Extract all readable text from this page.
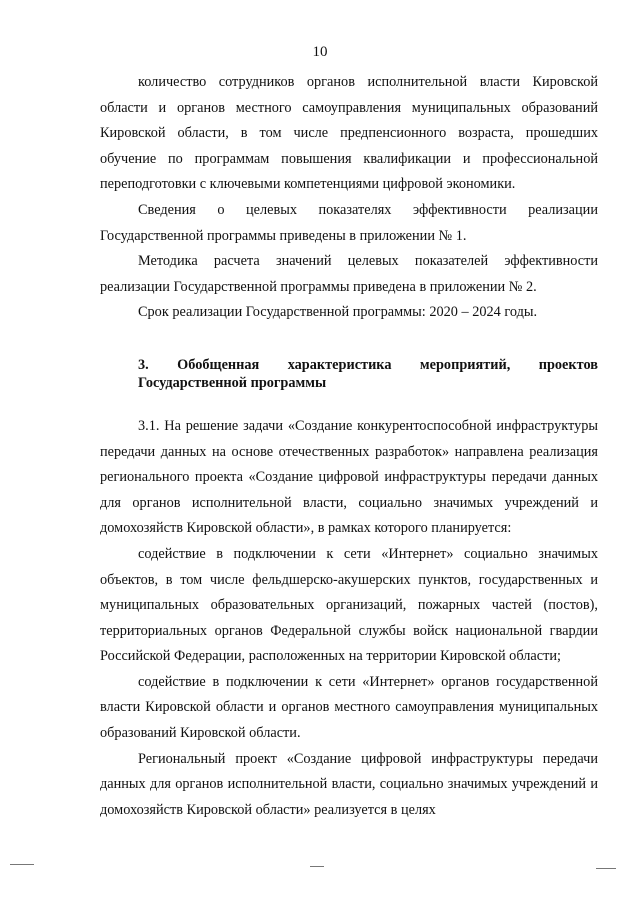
10

количество сотрудников органов исполнительной власти Кировской области и органов местного самоуправления муниципальных образований Кировской области, в том числе предпенсионного возраста, прошедших обучение по программам повышения квалификации и профессиональной переподготовки с ключевыми компетенциями цифровой экономики.

Сведения о целевых показателях эффективности реализации Государственной программы приведены в приложении № 1.

Методика расчета значений целевых показателей эффективности реализации Государственной программы приведена в приложении № 2.

Срок реализации Государственной программы: 2020 – 2024 годы.

3. Обобщенная характеристика мероприятий, проектов Государственной программы

3.1. На решение задачи «Создание конкурентоспособной инфраструктуры передачи данных на основе отечественных разработок» направлена реализация регионального проекта «Создание цифровой инфраструктуры передачи данных для органов исполнительной власти, социально значимых учреждений и домохозяйств Кировской области», в рамках которого планируется:

содействие в подключении к сети «Интернет» социально значимых объектов, в том числе фельдшерско-акушерских пунктов, государственных и муниципальных образовательных организаций, пожарных частей (постов), территориальных органов Федеральной службы войск национальной гвардии Российской Федерации, расположенных на территории Кировской области;

содействие в подключении к сети «Интернет» органов государственной власти Кировской области и органов местного самоуправления муниципальных образований Кировской области.

Региональный проект «Создание цифровой инфраструктуры передачи данных для органов исполнительной власти, социально значимых учреждений и домохозяйств Кировской области» реализуется в целях
